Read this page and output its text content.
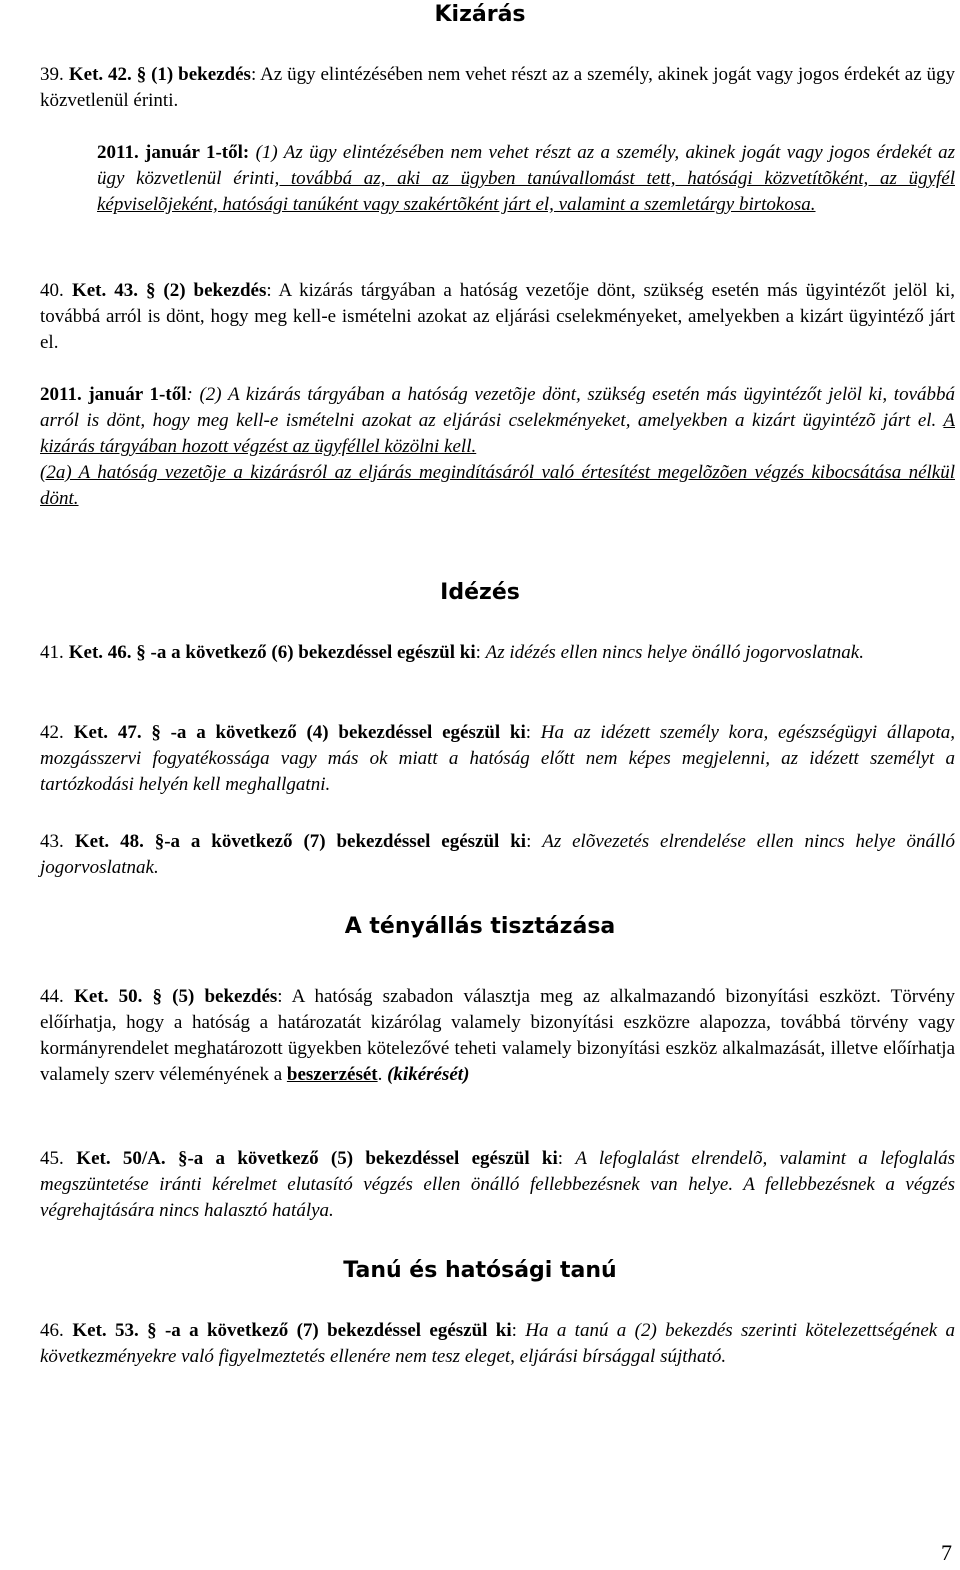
Kizárás

39. Ket. 42. § (1) bekezdés: Az ügy elintézésében nem vehet részt az a személy, akinek jogát vagy jogos érdekét az ügy közvetlenül érinti.

2011. január 1-től: (1) Az ügy elintézésében nem vehet részt az a személy, akinek jogát vagy jogos érdekét az ügy közvetlenül érinti, továbbá az, aki az ügyben tanúvallomást tett, hatósági közvetítõként, az ügyfél képviselõjeként, hatósági tanúként vagy szakértõként járt el, valamint a szemletárgy birtokosa.

40. Ket. 43. § (2) bekezdés: A kizárás tárgyában a hatóság vezetője dönt, szükség esetén más ügyintézőt jelöl ki, továbbá arról is dönt, hogy meg kell-e ismételni azokat az eljárási cselekményeket, amelyekben a kizárt ügyintéző járt el.

2011. január 1-től: (2) A kizárás tárgyában a hatóság vezetõje dönt, szükség esetén más ügyintézőt jelöl ki, továbbá arról is dönt, hogy meg kell-e ismételni azokat az eljárási cselekményeket, amelyekben a kizárt ügyintézõ járt el. A kizárás tárgyában hozott végzést az ügyféllel közölni kell.
(2a) A hatóság vezetõje a kizárásról az eljárás megindításáról való értesítést megelõzõen végzés kibocsátása nélkül dönt.

Idézés

41. Ket. 46. § -a a következő (6) bekezdéssel egészül ki: Az idézés ellen nincs helye önálló jogorvoslatnak.

42. Ket. 47. § -a a következő (4) bekezdéssel egészül ki: Ha az idézett személy kora, egészségügyi állapota, mozgásszervi fogyatékossága vagy más ok miatt a hatóság előtt nem képes megjelenni, az idézett személyt a tartózkodási helyén kell meghallgatni.

43. Ket. 48. §-a a következő (7) bekezdéssel egészül ki: Az elõvezetés elrendelése ellen nincs helye önálló jogorvoslatnak.

A tényállás tisztázása

44. Ket. 50. § (5) bekezdés: A hatóság szabadon választja meg az alkalmazandó bizonyítási eszközt. Törvény előírhatja, hogy a hatóság a határozatát kizárólag valamely bizonyítási eszközre alapozza, továbbá törvény vagy kormányrendelet meghatározott ügyekben kötelezővé teheti valamely bizonyítási eszköz alkalmazását, illetve előírhatja valamely szerv véleményének a beszerzését. (kikérését)

45. Ket. 50/A. §-a a következő (5) bekezdéssel egészül ki: A lefoglalást elrendelõ, valamint a lefoglalás megszüntetése iránti kérelmet elutasító végzés ellen önálló fellebbezésnek van helye. A fellebbezésnek a végzés végrehajtására nincs halasztó hatálya.

Tanú és hatósági tanú

46. Ket. 53. § -a a következő (7) bekezdéssel egészül ki: Ha a tanú a (2) bekezdés szerinti kötelezettségének a következményekre való figyelmeztetés ellenére nem tesz eleget, eljárási bírsággal sújtható.

7
